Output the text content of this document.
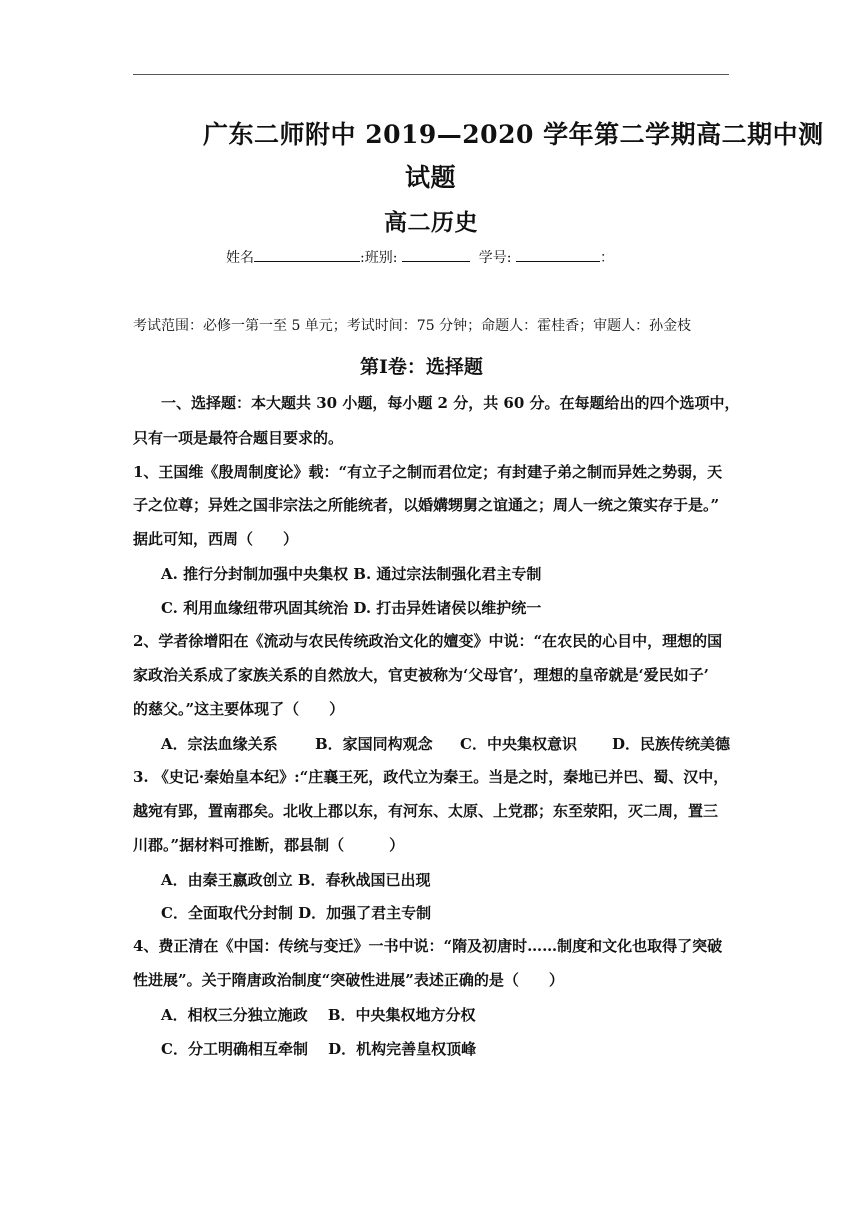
广东二师附中 2019—2020 学年第二学期高二期中测
试题
高二历史
姓名	:班别:	学号:	：
考试范围：必修一第一至 5 单元；考试时间：75 分钟；命题人：霍桂香；审题人：孙金枝
第Ⅰ卷：选择题
一、选择题：本大题共 30 小题，每小题 2 分，共 60 分。在每题给出的四个选项中，
只有一项是最符合题目要求的。
1、王国维《殷周制度论》载：“有立子之制而君位定；有封建子弟之制而异姓之势弱，天
子之位尊；异姓之国非宗法之所能统者，以婚媾甥舅之谊通之；周人一统之策实存于是。”
据此可知，西周（　　）
A. 推行分封制加强中央集权 B. 通过宗法制强化君主专制
C. 利用血缘纽带巩固其统治 D. 打击异姓诸侯以维护统一
2、学者徐增阳在《流动与农民传统政治文化的嬗变》中说：“在农民的心目中，理想的国
家政治关系成了家族关系的自然放大，官吏被称为‘父母官’，理想的皇帝就是‘爱民如子’
的慈父。”这主要体现了（　　）
A．宗法血缘关系 B．家国同构观念 C．中央集权意识 D．民族传统美德
3. 《史记·秦始皇本纪》:“庄襄王死，政代立为秦王。当是之时，秦地已并巴、蜀、汉中，
越宛有郢，置南郡矣。北收上郡以东，有河东、太原、上党郡；东至荥阳，灭二周，置三
川郡。”据材料可推断，郡县制（　　　）
A．由秦王嬴政创立 B．春秋战国已出现
C．全面取代分封制 D．加强了君主专制
4、费正清在《中国：传统与变迁》一书中说：“隋及初唐时……制度和文化也取得了突破
性进展”。关于隋唐政治制度“突破性进展”表述正确的是（　　）
A．相权三分独立施政　 B．中央集权地方分权
C．分工明确相互牵制　 D．机构完善皇权顶峰
